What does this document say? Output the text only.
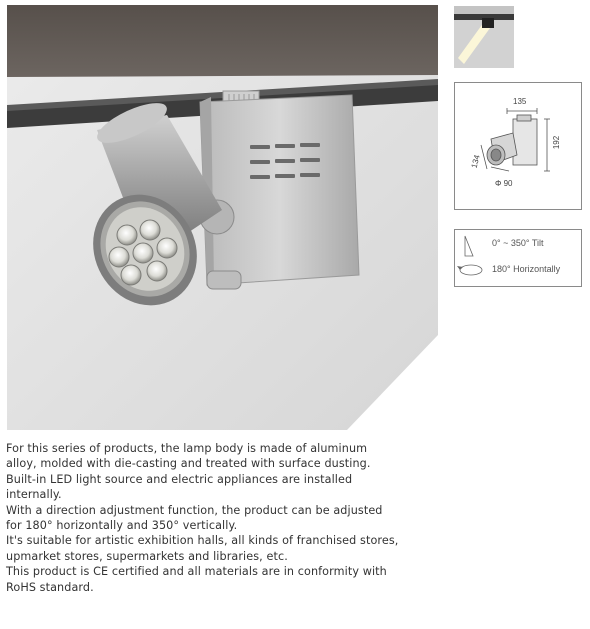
135
192
134
Φ 90
0° ~ 350° Tilt
180° Horizontally

For this series of products, the lamp body is made of aluminum
alloy, molded with die-casting and treated with surface dusting.
Built-in LED light source and electric appliances are installed
internally.
With a direction adjustment function, the product can be adjusted
for 180° horizontally and 350° vertically.
It's suitable for artistic exhibition halls, all kinds of franchised stores,
upmarket stores, supermarkets and libraries, etc.
This product is CE certified and all materials are in conformity with
RoHS standard.
